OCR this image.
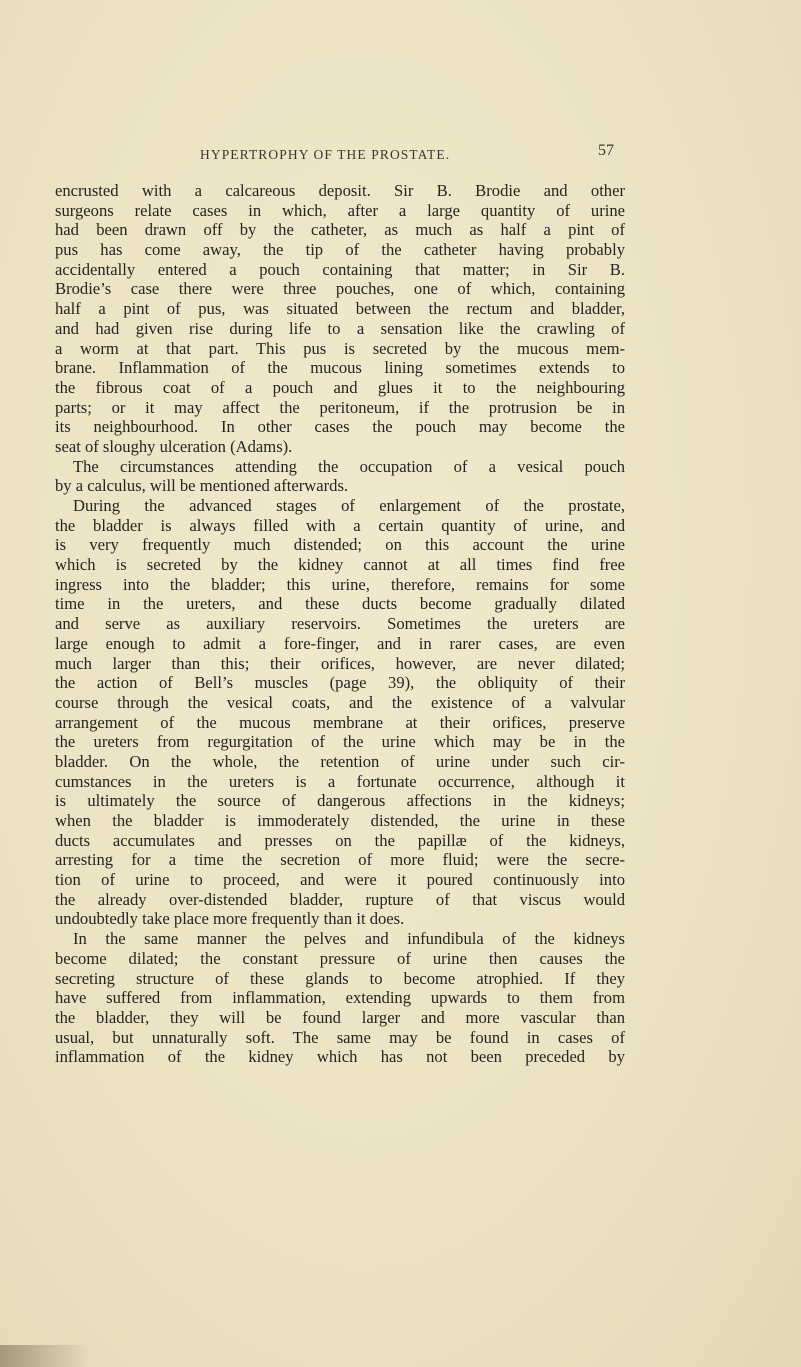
HYPERTROPHY OF THE PROSTATE.	57
encrusted with a calcareous deposit. Sir B. Brodie and other
surgeons relate cases in which, after a large quantity of urine
had been drawn off by the catheter, as much as half a pint of
pus has come away, the tip of the catheter having probably
accidentally entered a pouch containing that matter; in Sir B.
Brodie’s case there were three pouches, one of which, containing
half a pint of pus, was situated between the rectum and bladder,
and had given rise during life to a sensation like the crawling of
a worm at that part. This pus is secreted by the mucous mem-
brane. Inflammation of the mucous lining sometimes extends to
the fibrous coat of a pouch and glues it to the neighbouring
parts; or it may affect the peritoneum, if the protrusion be in
its neighbourhood. In other cases the pouch may become the
seat of sloughy ulceration (Adams).
The circumstances attending the occupation of a vesical pouch
by a calculus, will be mentioned afterwards.
During the advanced stages of enlargement of the prostate,
the bladder is always filled with a certain quantity of urine, and
is very frequently much distended; on this account the urine
which is secreted by the kidney cannot at all times find free
ingress into the bladder; this urine, therefore, remains for some
time in the ureters, and these ducts become gradually dilated
and serve as auxiliary reservoirs. Sometimes the ureters are
large enough to admit a fore-finger, and in rarer cases, are even
much larger than this; their orifices, however, are never dilated;
the action of Bell’s muscles (page 39), the obliquity of their
course through the vesical coats, and the existence of a valvular
arrangement of the mucous membrane at their orifices, preserve
the ureters from regurgitation of the urine which may be in the
bladder. On the whole, the retention of urine under such cir-
cumstances in the ureters is a fortunate occurrence, although it
is ultimately the source of dangerous affections in the kidneys;
when the bladder is immoderately distended, the urine in these
ducts accumulates and presses on the papillæ of the kidneys,
arresting for a time the secretion of more fluid; were the secre-
tion of urine to proceed, and were it poured continuously into
the already over-distended bladder, rupture of that viscus would
undoubtedly take place more frequently than it does.
In the same manner the pelves and infundibula of the kidneys
become dilated; the constant pressure of urine then causes the
secreting structure of these glands to become atrophied. If they
have suffered from inflammation, extending upwards to them from
the bladder, they will be found larger and more vascular than
usual, but unnaturally soft. The same may be found in cases of
inflammation of the kidney which has not been preceded by
